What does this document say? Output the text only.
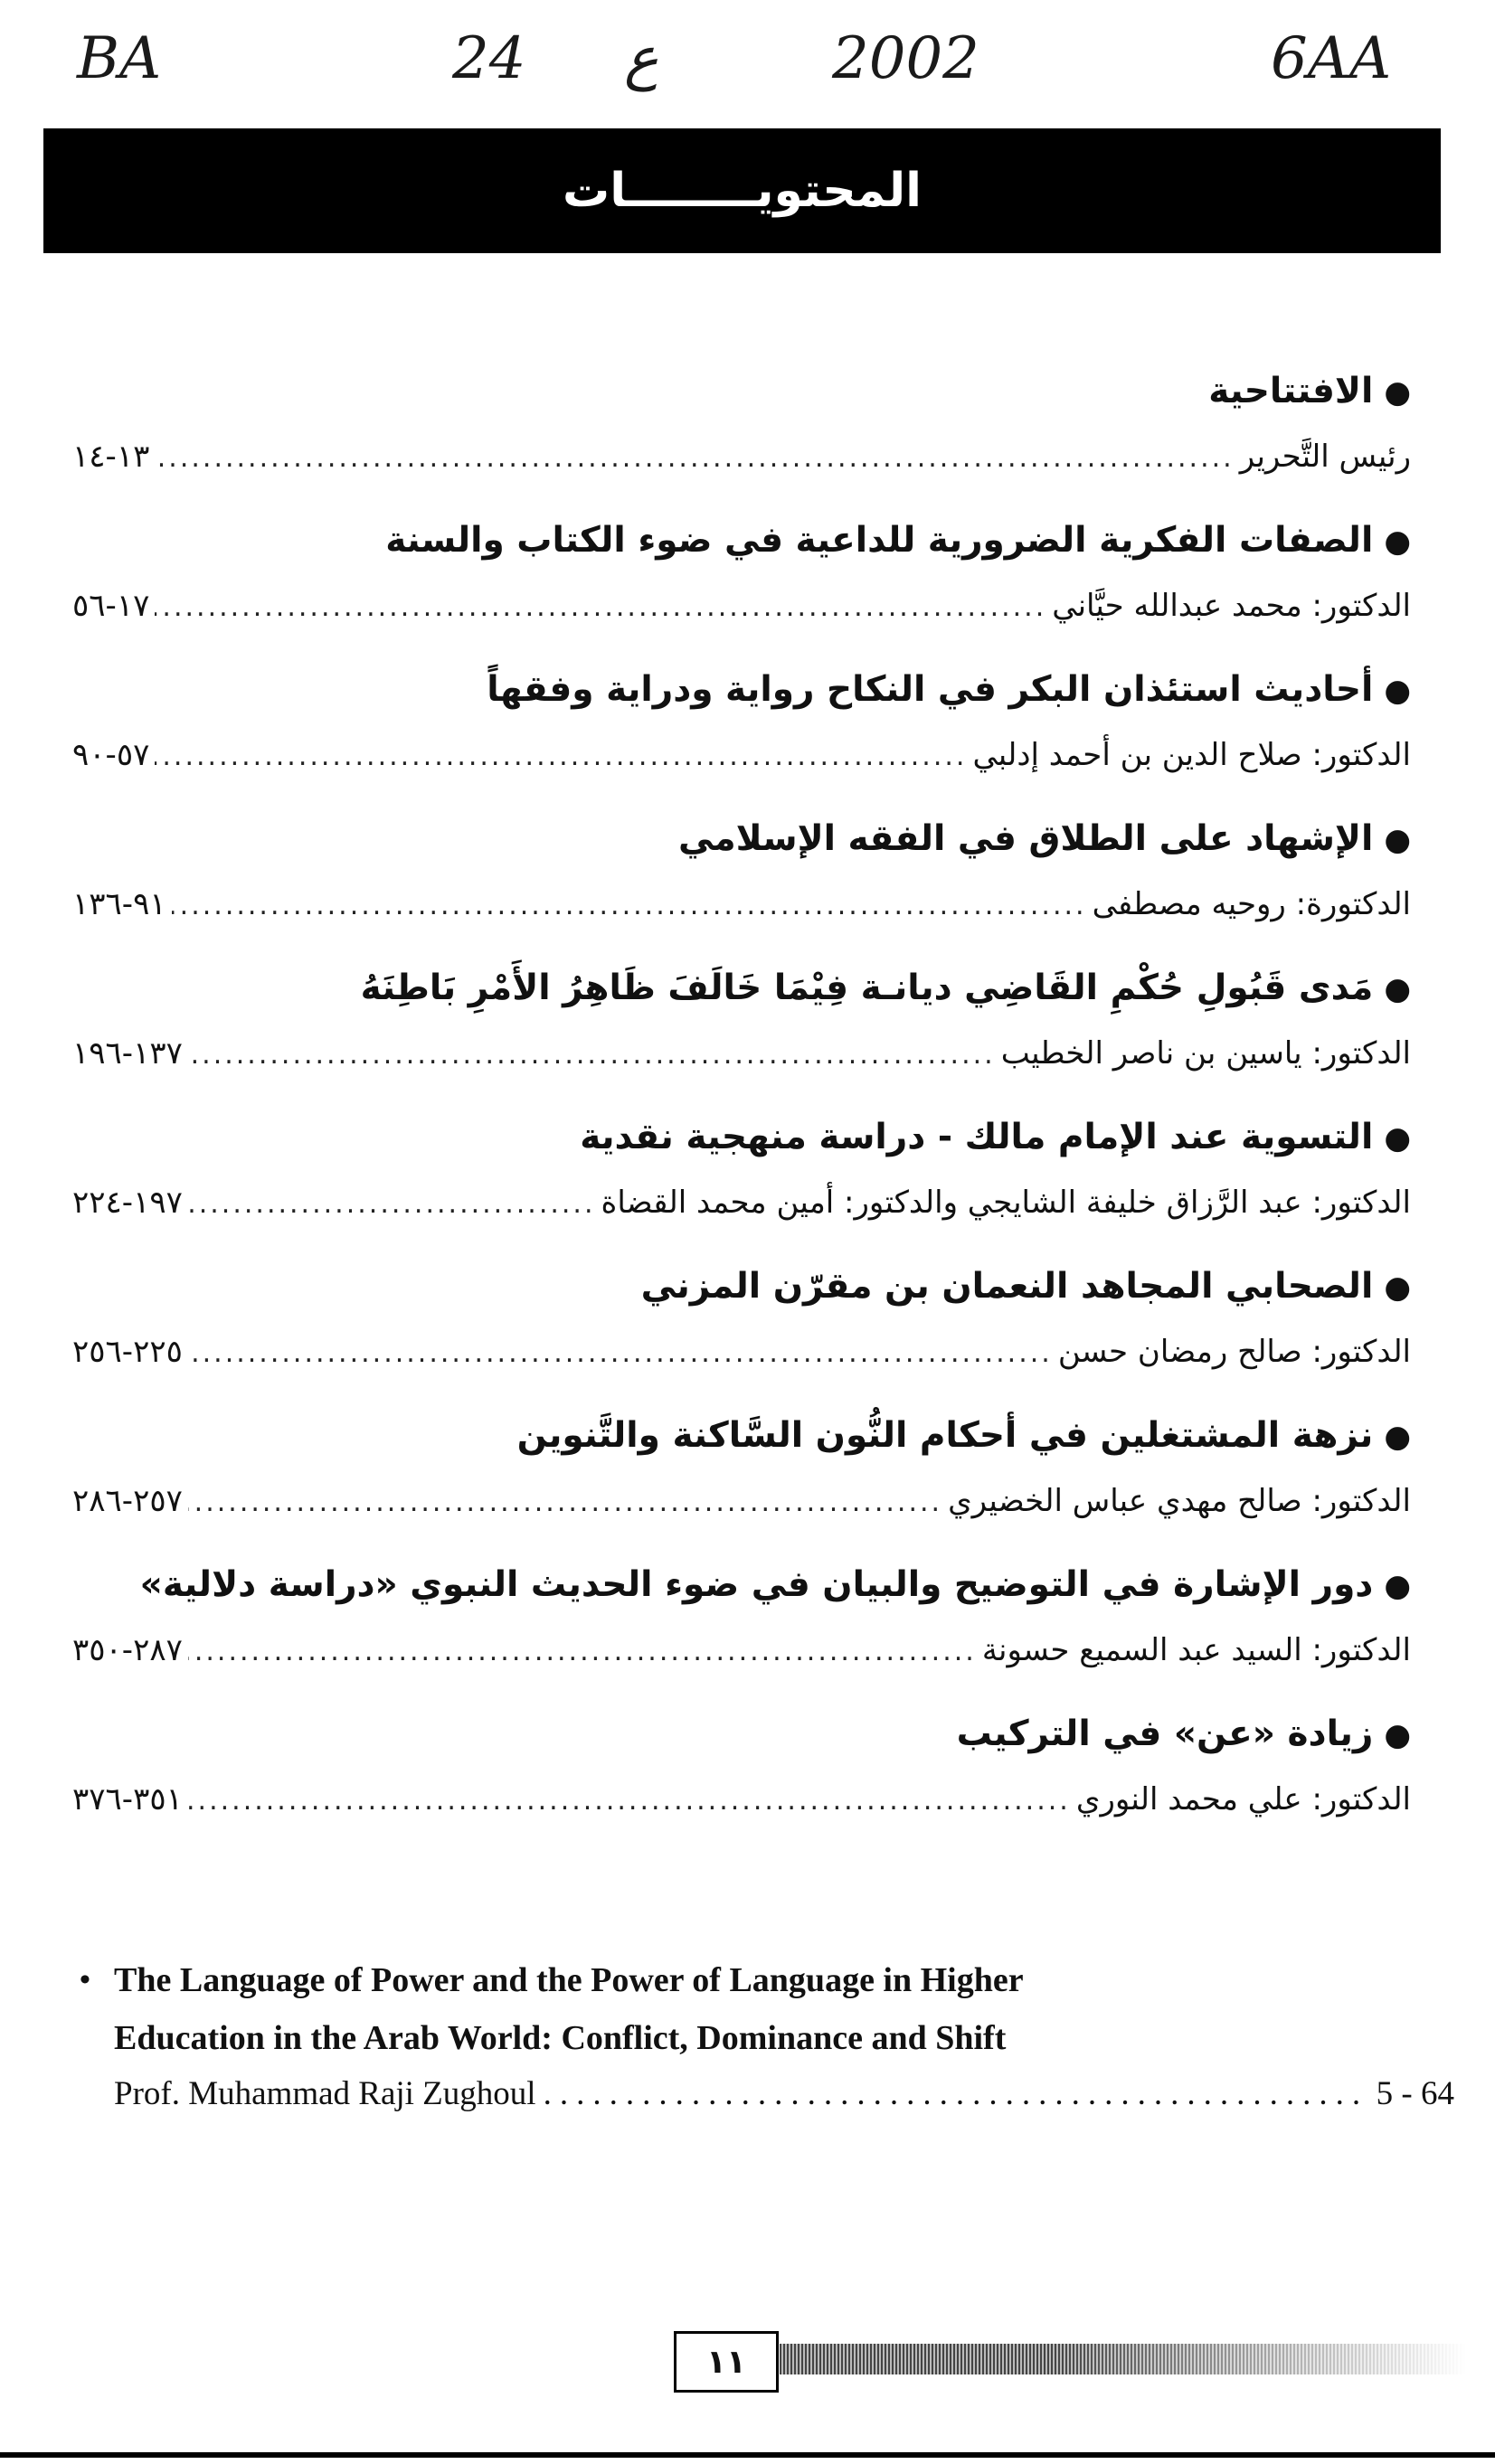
BA	24 ع	2002	6AA
المحتويــــــــات
●الافتتاحية
رئيس التَّحرير
.....
١٣-١٤
●الصفات الفكرية الضرورية للداعية في ضوء الكتاب والسنة
الدكتور: محمد عبدالله حيَّاني
.....
١٧-٥٦
●أحاديث استئذان البكر في النكاح رواية ودراية وفقهاً
الدكتور: صلاح الدين بن أحمد إدلبي
.....
٥٧-٩٠
●الإشهاد على الطلاق في الفقه الإسلامي
الدكتورة: روحيه مصطفى
.....
٩١-١٣٦
●مَدى قَبُولِ حُكْمِ القَاضِي ديانـة فِيْمَا خَالَفَ ظَاهِرُ الأَمْرِ بَاطِنَهُ
الدكتور: ياسين بن ناصر الخطيب
.....
١٣٧-١٩٦
●التسوية عند الإمام مالك - دراسة منهجية نقدية
الدكتور: عبد الرَّزاق خليفة الشايجي والدكتور: أمين محمد القضاة
.....
١٩٧-٢٢٤
●الصحابي المجاهد النعمان بن مقرّن المزني
الدكتور: صالح رمضان حسن
.....
٢٢٥-٢٥٦
●نزهة المشتغلين في أحكام النُّون السَّاكنة والتَّنوين
الدكتور: صالح مهدي عباس الخضيري
.....
٢٥٧-٢٨٦
●دور الإشارة في التوضيح والبيان في ضوء الحديث النبوي «دراسة دلالية»
الدكتور: السيد عبد السميع حسونة
.....
٢٨٧-٣٥٠
●زيادة «عن» في التركيب
الدكتور: علي محمد النوري
.....
٣٥١-٣٧٦
• The Language of Power and the Power of Language in Higher
Education in the Arab World: Conflict, Dominance and Shift
Prof. Muhammad Raji Zughoul
.....	5 - 64
١١
